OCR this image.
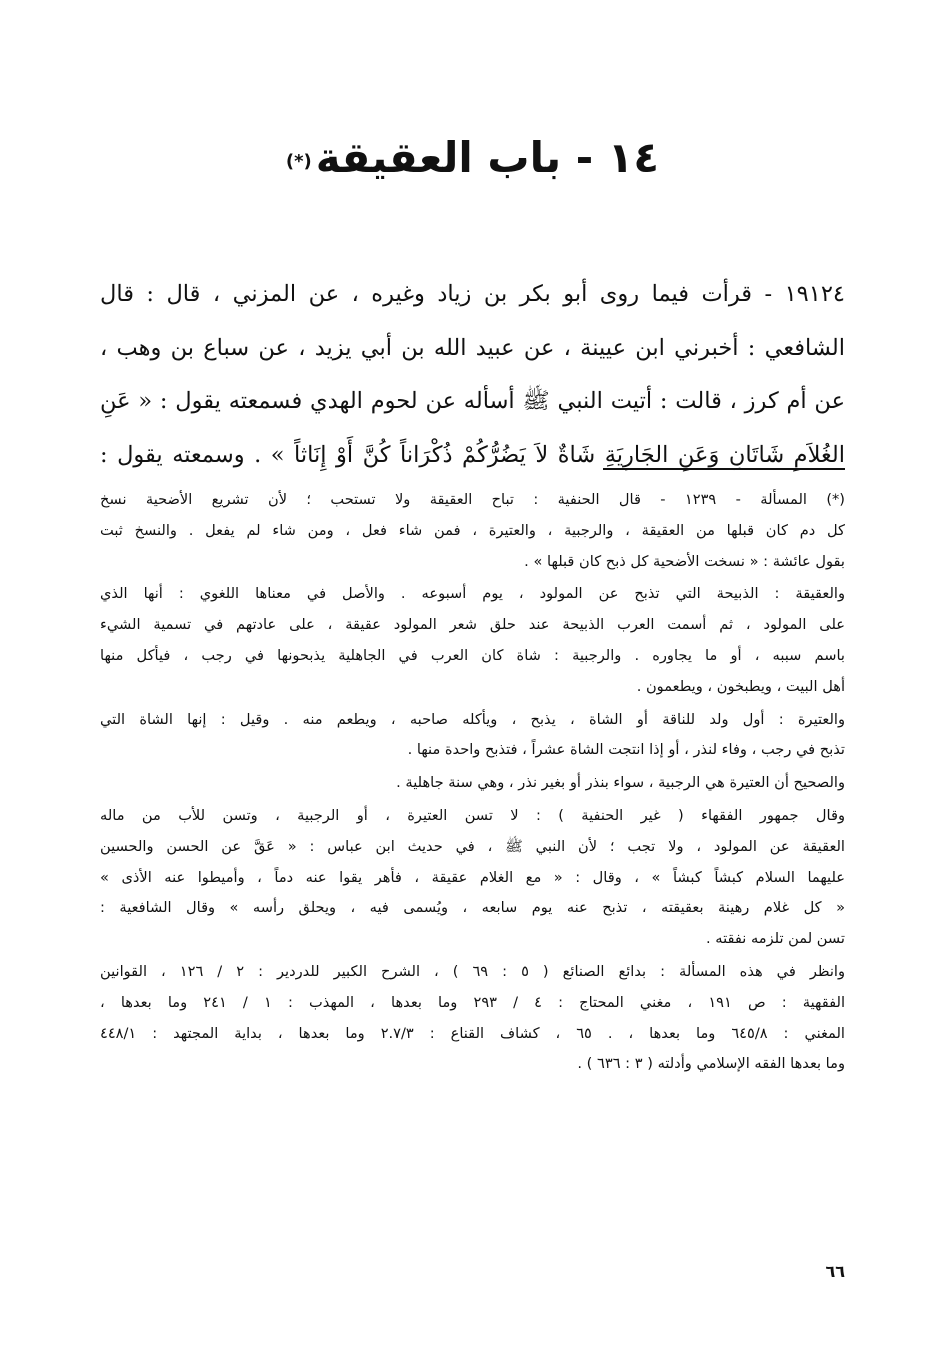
١٤ - باب العقيقة(*)
١٩١٢٤ - قرأت فيما روى أبو بكر بن زياد وغيره ، عن المزني ، قال : قال
الشافعي : أخبرني ابن عيينة ، عن عبيد الله بن أبي يزيد ، عن سباع بن وهب ،
عن أم كرز ، قالت : أتيت النبي ﷺ أسأله عن لحوم الهدي فسمعته يقول : « عَنِ
الغُلاَمِ شَاتَانِ وَعَنِ الجَارِيَةِ شَاةٌ لاَ يَضُرُّكُمْ ذُكْرَاناً كُنَّ أَوْ إِنَاثاً » . وسمعته يقول :

(*) المسألة - ١٢٣٩ - قال الحنفية : تباح العقيقة ولا تستحب ؛ لأن تشريع الأضحية نسخ
كل دم كان قبلها من العقيقة ، والرجبية ، والعتيرة ، فمن شاء فعل ، ومن شاء لم يفعل . والنسخ ثبت
بقول عائشة : « نسخت الأضحية كل ذبح كان قبلها » .

والعقيقة : الذبيحة التي تذبح عن المولود ، يوم أسبوعه . والأصل في معناها اللغوي : أنها الذي
على المولود ، ثم أسمت العرب الذبيحة عند حلق شعر المولود عقيقة ، على عادتهم في تسمية الشيء
باسم سببه ، أو ما يجاوره . والرجبية : شاة كان العرب في الجاهلية يذبحونها في رجب ، فيأكل منها
أهل البيت ، ويطبخون ، ويطعمون .

والعتيرة : أول ولد للناقة أو الشاة ، يذبح ، ويأكله صاحبه ، ويطعم منه . وقيل : إنها الشاة التي
تذبح في رجب ، وفاء لنذر ، أو إذا انتجت الشاة عشراً ، فتذبح واحدة منها .

والصحيح أن العتيرة هي الرجبية ، سواء بنذر أو بغير نذر ، وهي سنة جاهلية .

وقال جمهور الفقهاء ( غير الحنفية ) : لا تسن العتيرة ، أو الرجبية ، وتسن للأب من ماله
العقيقة عن المولود ، ولا تجب ؛ لأن النبي ﷺ ، في حديث ابن عباس : « عَقَّ عن الحسن والحسين
عليهما السلام كبشاً كبشاً » ، وقال : « مع الغلام عقيقة ، فأهر يقوا عنه دماً ، وأميطوا عنه الأذى »
« كل غلام رهينة بعقيقته ، تذبح عنه يوم سابعه ، ويُسمى فيه ، ويحلق رأسه » وقال الشافعية :
تسن لمن تلزمه نفقته .

وانظر في هذه المسألة : بدائع الصنائع ( ٥ : ٦٩ ) ، الشرح الكبير للدردير : ٢ / ١٢٦ ، القوانين
الفقهية : ص ١٩١ ، مغني المحتاج : ٤ / ٢٩٣ وما بعدها ، المهذب : ١ / ٢٤١ وما بعدها ،
المغني : ٦٤٥/٨ وما بعدها ، . ٦٥ ، كشاف القناع : ٢.٧/٣ وما بعدها ، بداية المجتهد : ٤٤٨/١
وما بعدها الفقه الإسلامي وأدلته ( ٣ : ٦٣٦ ) .

٦٦
